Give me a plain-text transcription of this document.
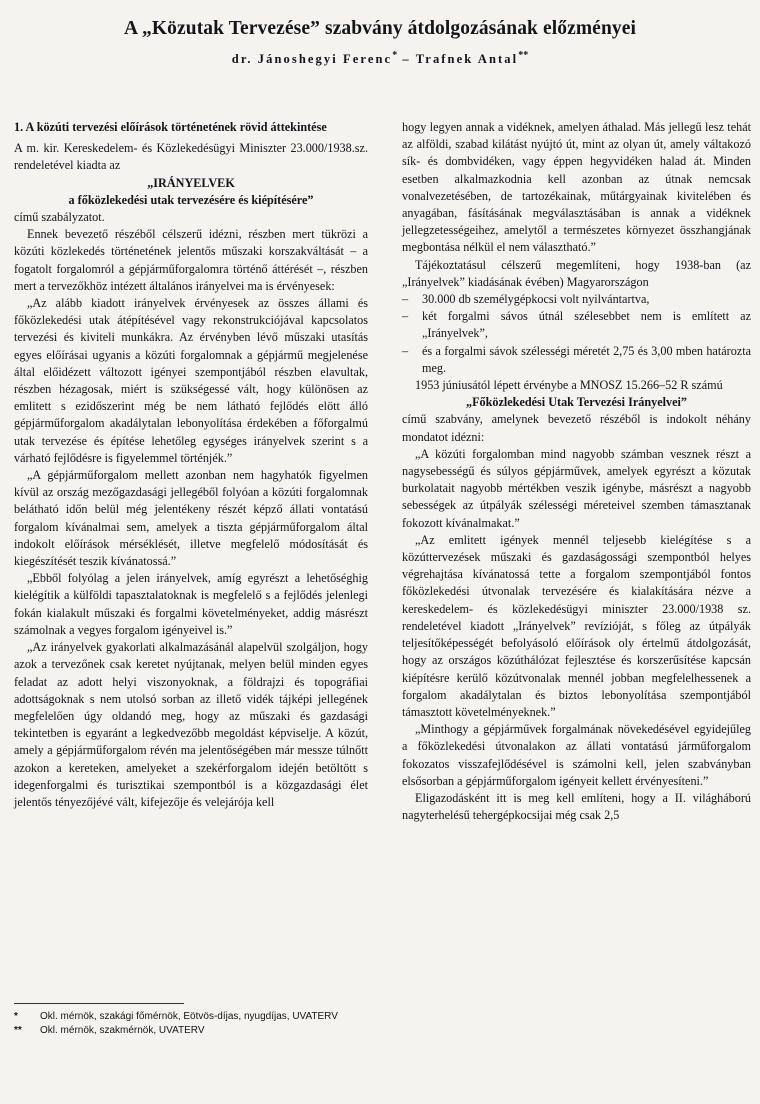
A „Közutak Tervezése” szabvány átdolgozásának előzményei
dr. Jánoshegyi Ferenc* – Trafnek Antal**
1. A közúti tervezési előírások történetének rövid áttekintése

A m. kir. Kereskedelem- és Közlekedésügyi Miniszter 23.000/1938.sz. rendeletével kiadta az

„IRÁNYELVEK

a főközlekedési utak tervezésére és kiépítésére”

című szabályzatot.

Ennek bevezető részéből célszerű idézni, részben mert tükrözi a közúti közlekedés történetének jelentős műszaki korszakváltását – a fogatolt forgalomról a gépjárműforgalomra történő áttérését –, részben mert a tervezőkhöz intézett általános irányelvei ma is érvényesek:

„Az alább kiadott irányelvek érvényesek az összes állami és főközlekedési utak átépítésével vagy rekonstrukciójával kapcsolatos tervezési és kiviteli munkákra. Az érvényben lévő műszaki utasítás egyes előírásai ugyanis a közúti forgalomnak a gépjármű megjelenése által előidézett változott igényei szempontjából részben elavultak, részben hézagosak, miért is szükségessé vált, hogy különösen az emlitett s ezidőszerint még be nem látható fejlődés elött álló gépjárműforgalom akadálytalan lebonyolítása érdekében a főforgalmú utak tervezése és építése lehetőleg egységes irányelvek szerint s a várható fejlődésre is figyelemmel történjék.”

„A gépjárműforgalom mellett azonban nem hagyhatók figyelmen kívül az ország mezőgazdasági jellegéből folyóan a közúti forgalomnak belátható időn belül még jelentékeny részét képző állati vontatású forgalom kívánalmai sem, amelyek a tiszta gépjárműforgalom által indokolt előírások mérséklését, illetve megfelelő módosítását és kiegészítését teszik kívánatossá.”

„Ebből folyólag a jelen irányelvek, amíg egyrészt a lehetőséghig kielégítik a külföldi tapasztalatoknak is megfelelő s a fejlődés jelenlegi fokán kialakult műszaki és forgalmi követelményeket, addig másrészt számolnak a vegyes forgalom igényeivel is.”

„Az irányelvek gyakorlati alkalmazásánál alapelvül szolgáljon, hogy azok a tervezőnek csak keretet nyújtanak, melyen belül minden egyes feladat az adott helyi viszonyoknak, a földrajzi és topográfiai adottságoknak s nem utolsó sorban az illető vidék tájképi jellegének megfelelően úgy oldandó meg, hogy az műszaki és gazdasági tekintetben is egyaránt a legkedvezőbb megoldást képviselje. A közút, amely a gépjárműforgalom révén ma jelentőségében már messze túlnőtt azokon a kereteken, amelyeket a szekérforgalom idején betöltött s idegenforgalmi és turisztikai szempontból is a közgazdasági élet jelentős tényezőjévé vált, kifejezője és velejárója kell

hogy legyen annak a vidéknek, amelyen áthalad. Más jellegű lesz tehát az alföldi, szabad kilátást nyújtó út, mint az olyan út, amely váltakozó sík- és dombvidéken, vagy éppen hegyvidéken halad át. Minden esetben alkalmazkodnia kell azonban az útnak nemcsak vonalvezetésében, de tartozékainak, műtárgyainak kivitelében és anyagában, fásításának megválasztásában is annak a vidéknek jellegzetességeihez, amelytől a természetes környezet összhangjának megbontása nélkül el nem választható.”

Tájékoztatásul célszerű megemlíteni, hogy 1938-ban (az „Irányelvek” kiadásának évében) Magyarországon

–	30.000 db személygépkocsi volt nyilvántartva,
–	két forgalmi sávos útnál szélesebbet nem is említett az „Irányelvek”,
–	és a forgalmi sávok szélességi méretét 2,75 és 3,00 mben határozta meg.

1953 júniusától lépett érvénybe a MNOSZ 15.266–52 R számú

„Főközlekedési Utak Tervezési Irányelvei”

című szabvány, amelynek bevezető részéből is indokolt néhány mondatot idézni:

„A közúti forgalomban mind nagyobb számban vesznek részt a nagysebességű és súlyos gépjárművek, amelyek egyrészt a közutak burkolatait nagyobb mértékben veszik igénybe, másrészt a nagyobb sebességek az útpályák szélességi méreteivel szemben támasztanak fokozott kívánalmakat.”

„Az emlitett igények mennél teljesebb kielégítése s a közúttervezések műszaki és gazdaságossági szempontból helyes végrehajtása kívánatossá tette a forgalom szempontjából fontos főközlekedési útvonalak tervezésére és kialakítására nézve a kereskedelem- és közlekedésügyi miniszter 23.000/1938 sz. rendeletével kiadott „Irányelvek” revízióját, s főleg az útpályák teljesítőképességét befolyásoló előírások oly értelmű átdolgozását, hogy az országos közúthálózat fejlesztése és korszerűsítése kapcsán kiépítésre kerülő közútvonalak mennél jobban megfelelhessenek a forgalom akadálytalan és biztos lebonyolítása szempontjából támasztott követelményeknek.”

„Minthogy a gépjárművek forgalmának növekedésével egyidejűleg a főközlekedési útvonalakon az állati vontatású járműforgalom fokozatos visszafejlődésével is számolni kell, jelen szabványban elsősorban a gépjárműforgalom igényeit kellett érvényesíteni.”

Eligazodásként itt is meg kell említeni, hogy a II. világháború nagyterhelésű tehergépkocsijai még csak 2,5

*	Okl. mérnök, szakági főmérnök, Eötvös-díjas, nyugdíjas, UVATERV
**	Okl. mérnök, szakmérnök, UVATERV
